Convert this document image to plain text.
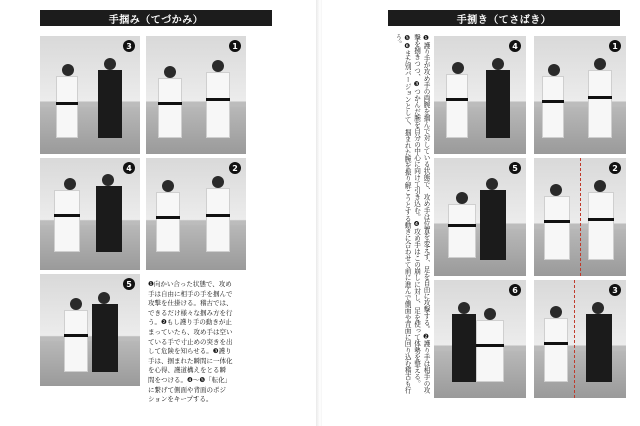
手掴み（てづかみ）
3	1
4	2
5	❶向かい合った状態で、攻め
手は自由に相手の手を掴んで
攻撃を仕掛ける。稽古では、
できるだけ様々な掴み方を行
う。❷もし護り手の動きが止
まっていたら、攻め手は空い
ている手で寸止めの突きを出
して危険を知らせる。❸護り
手は、掴まれた瞬間に一体化
を心得、護道構えをとる瞬
間をつける。❹〜❺「転化」
に繋げて側面や背面のポジ
ションをキープする。
手捌き（てさばき）
❶護り手が攻め手の両腕を掴んで対している状態で、攻め手は位置を変えず、足を自由に攻撃する。❷護り手は相手の攻撃を捌きつつ、❸つかんだ腕を自分の中心に向けて引き込む。❹攻め手はこの崩しに対し、足を使って体勢を整える。❺❻また別バージョンとして、掴まれた腕を振り解こうとする動きに合わせて前に進んで側面や背面に回り込む稽古も行う。	4	1
5	2
6	3
